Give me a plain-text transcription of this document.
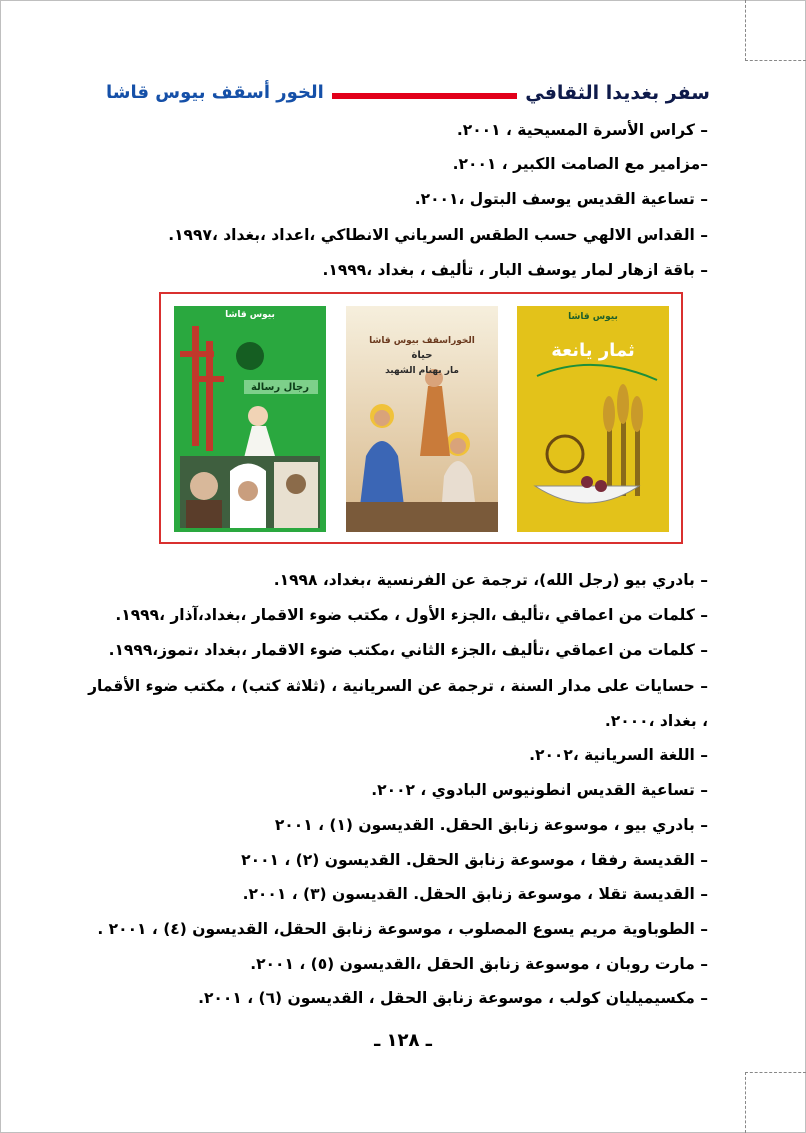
الخور أسقف بيوس قاشا	سفر بغديدا الثقافي
– كراس الأسرة المسيحية ، ٢٠٠١.
–مزامير مع الصامت الكبير ، ٢٠٠١.
– تساعية القديس يوسف البتول ،٢٠٠١.
– القداس الالهي حسب الطقس السرياني الانطاكي ،اعداد ،بغداد ،١٩٩٧.
– باقة ازهار لمار يوسف البار ، تأليف ، بغداد ،١٩٩٩.
– بادري بيو (رجل الله)، ترجمة عن الفرنسية ،بغداد، ١٩٩٨.
– كلمات من اعماقي ،تأليف ،الجزء الأول ، مكتب ضوء الاقمار ،بغداد،آذار ،١٩٩٩.
– كلمات من اعماقي ،تأليف ،الجزء الثاني ،مكتب ضوء الاقمار ،بغداد ،تموز،١٩٩٩.
– حسايات على مدار السنة ، ترجمة عن السريانية ، (ثلاثة كتب) ، مكتب ضوء الأقمار
، بغداد ،٢٠٠٠.
– اللغة السريانية ،٢٠٠٢.
– تساعية القديس انطونيوس البادوي ، ٢٠٠٢.
– بادري بيو ، موسوعة زنابق الحقل. القديسون (١) ، ٢٠٠١
– القديسة رفقا ، موسوعة زنابق الحقل. القديسون (٢) ، ٢٠٠١
– القديسة تقلا ، موسوعة زنابق الحقل. القديسون (٣) ، ٢٠٠١.
– الطوباوية مريم يسوع المصلوب ، موسوعة زنابق الحقل، القديسون (٤) ، ٢٠٠١ .
– مارت روبان ، موسوعة زنابق الحقل ،القديسون (٥) ، ٢٠٠١.
– مكسيميليان كولب ، موسوعة زنابق الحقل ، القديسون (٦) ، ٢٠٠١.
بيوس قاشا
رجال رسالة
الخوراسقف بيوس قاشا
حياة
مار بهنام الشهيد
بيوس قاشا
ثمار يانعة
ـ ١٢٨ ـ
